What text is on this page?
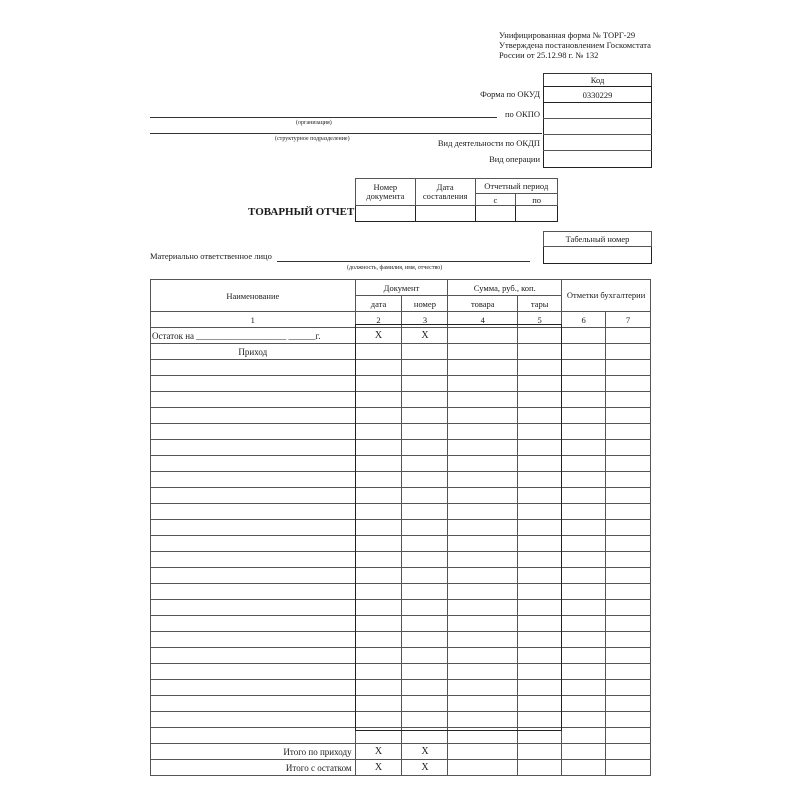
Унифицированная форма № ТОРГ-29
Утверждена постановлением Госкомстата
России от 25.12.98 г. № 132
Код
0330229

Форма по ОКУД
по ОКПО
Вид деятельности по ОКДП
Вид операции
(организация)
(структурное подразделение)
ТОВАРНЫЙ ОТЧЕТ
Номер документа	Дата составления	Отчетный период	
		с	по

Табельный номер

Материально ответственное лицо
(должность, фамилия, имя, отчество)
Наименование	Документ		Сумма, руб., коп.		Отметки бухгалтерии	
	дата	номер	товара	тары		
1	2	3	4	5	6	7
Остаток на ____________________ ______г.	Х	Х				
Приход						

Итого по приходу	Х	Х				
Итого с остатком	Х	Х				
